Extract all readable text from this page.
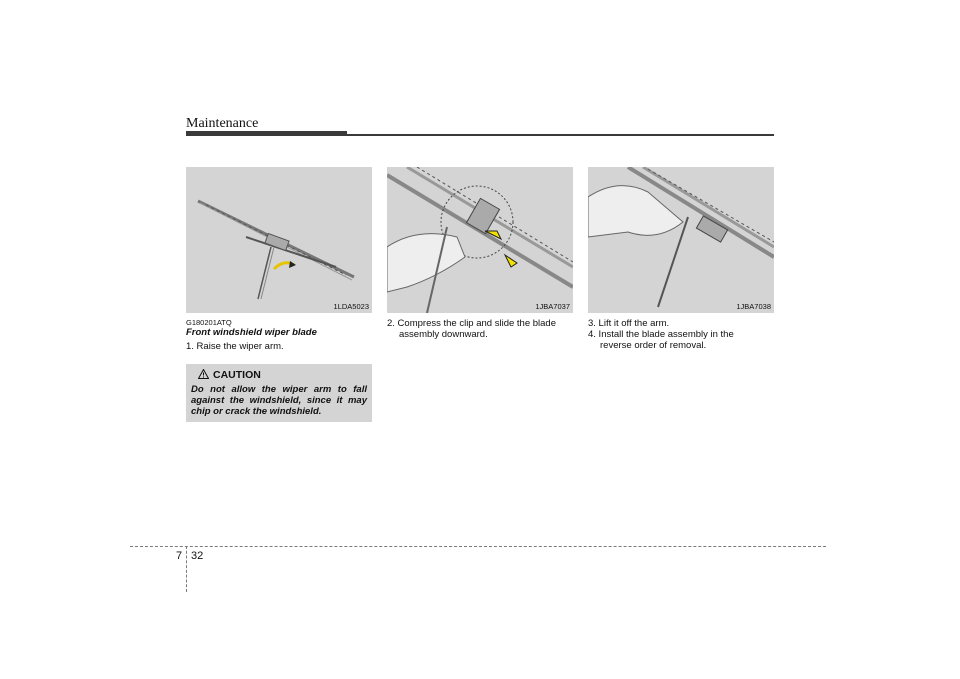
Maintenance
1LDA5023	1JBA7037	1JBA7038
G180201ATQ
Front windshield wiper blade
1. Raise the wiper arm.
CAUTION
Do not allow the wiper arm to fall against the windshield, since it may chip or crack the windshield.
2. Compress the clip and slide the blade
assembly downward.
3. Lift it off the arm.
4. Install the blade assembly in the
reverse order of removal.
7 32
